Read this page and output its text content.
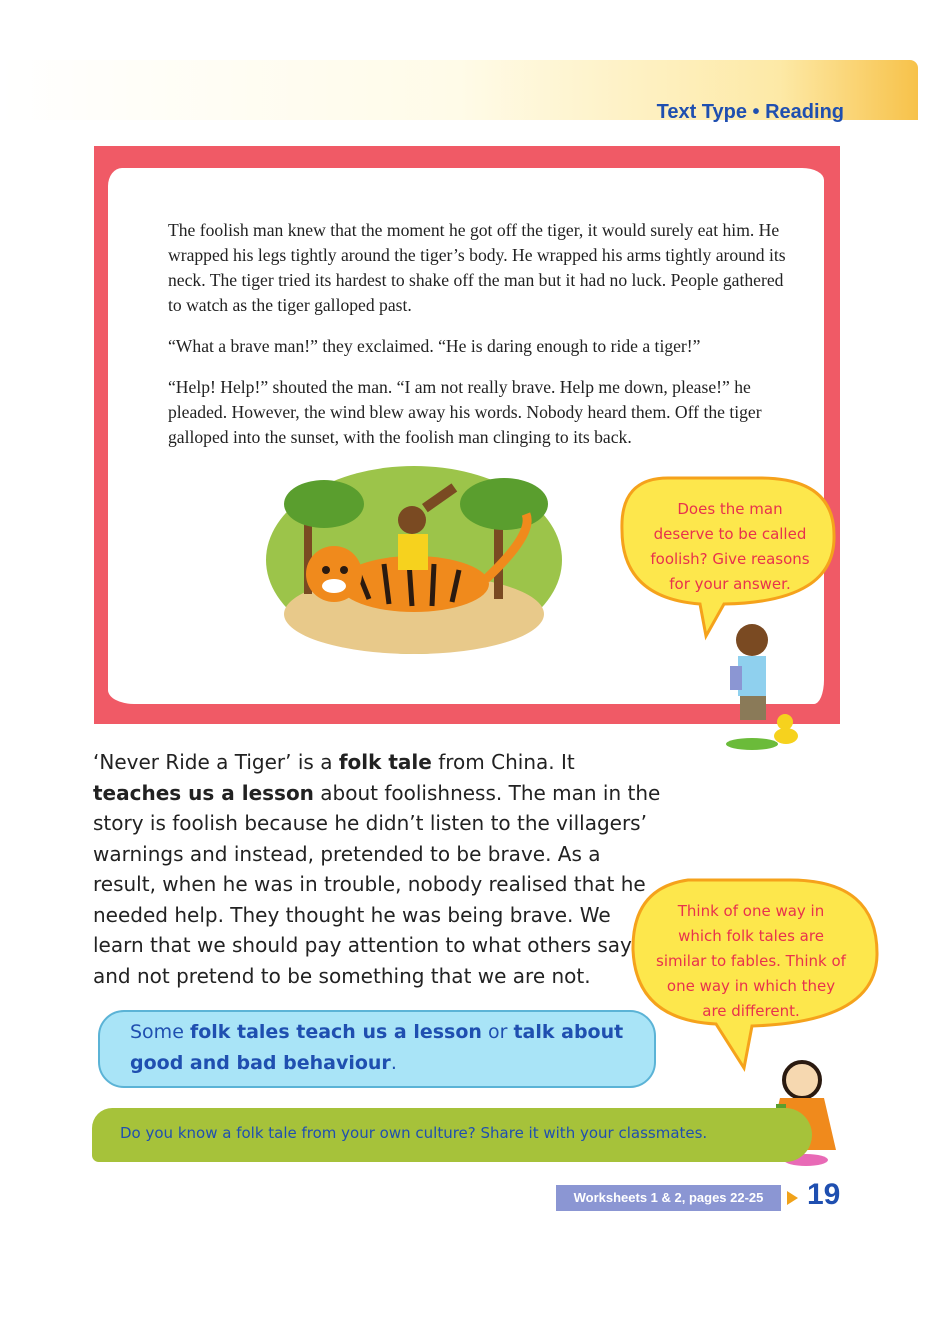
Text Type • Reading

The foolish man knew that the moment he got off the tiger, it would surely eat him. He wrapped his legs tightly around the tiger’s body. He wrapped his arms tightly around its neck. The tiger tried its hardest to shake off the man but it had no luck. People gathered to watch as the tiger galloped past.

“What a brave man!” they exclaimed. “He is daring enough to ride a tiger!”

“Help! Help!” shouted the man. “I am not really brave. Help me down, please!” he pleaded. However, the wind blew away his words. Nobody heard them. Off the tiger galloped into the sunset, with the foolish man clinging to its back.

Does the man
deserve to be called
foolish? Give reasons
for your answer.
‘Never Ride a Tiger’ is a folk tale from China. It teaches us a lesson about foolishness. The man in the story is foolish because he didn’t listen to the villagers’ warnings and instead, pretended to be brave. As a result, when he was in trouble, nobody realised that he needed help. They thought he was being brave. We learn that we should pay attention to what others say and not pretend to be something that we are not.
Think of one way in
which folk tales are
similar to fables. Think of
one way in which they
are different.
Some folk tales teach us a lesson or talk about good and bad behaviour.
Do you know a folk tale from your own culture? Share it with your classmates.
Worksheets 1 & 2, pages 22-25	19
